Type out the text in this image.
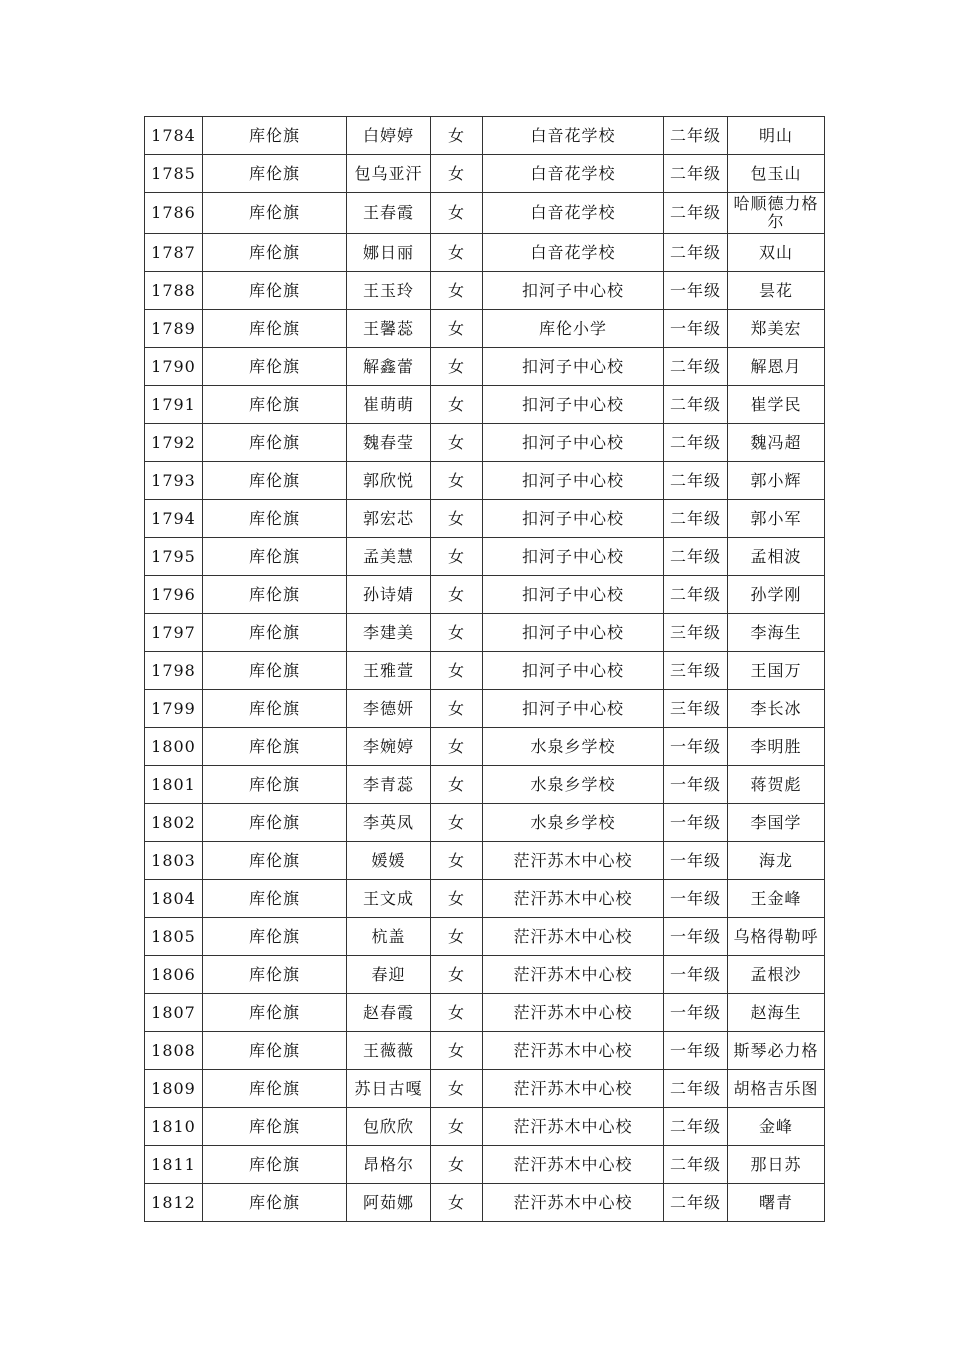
1784	库伦旗	白婷婷	女	白音花学校	二年级	明山
1785	库伦旗	包乌亚汗	女	白音花学校	二年级	包玉山
1786	库伦旗	王春霞	女	白音花学校	二年级	哈顺德力格尔
1787	库伦旗	娜日丽	女	白音花学校	二年级	双山
1788	库伦旗	王玉玲	女	扣河子中心校	一年级	昙花
1789	库伦旗	王馨蕊	女	库伦小学	一年级	郑美宏
1790	库伦旗	解鑫蕾	女	扣河子中心校	二年级	解恩月
1791	库伦旗	崔萌萌	女	扣河子中心校	二年级	崔学民
1792	库伦旗	魏春莹	女	扣河子中心校	二年级	魏冯超
1793	库伦旗	郭欣悦	女	扣河子中心校	二年级	郭小辉
1794	库伦旗	郭宏芯	女	扣河子中心校	二年级	郭小军
1795	库伦旗	孟美慧	女	扣河子中心校	二年级	孟相波
1796	库伦旗	孙诗婧	女	扣河子中心校	二年级	孙学刚
1797	库伦旗	李建美	女	扣河子中心校	三年级	李海生
1798	库伦旗	王雅萱	女	扣河子中心校	三年级	王国万
1799	库伦旗	李德妍	女	扣河子中心校	三年级	李长冰
1800	库伦旗	李婉婷	女	水泉乡学校	一年级	李明胜
1801	库伦旗	李青蕊	女	水泉乡学校	一年级	蒋贺彪
1802	库伦旗	李英凤	女	水泉乡学校	一年级	李国学
1803	库伦旗	媛媛	女	茫汗苏木中心校	一年级	海龙
1804	库伦旗	王文成	女	茫汗苏木中心校	一年级	王金峰
1805	库伦旗	杭盖	女	茫汗苏木中心校	一年级	乌格得勒呼
1806	库伦旗	春迎	女	茫汗苏木中心校	一年级	孟根沙
1807	库伦旗	赵春霞	女	茫汗苏木中心校	一年级	赵海生
1808	库伦旗	王薇薇	女	茫汗苏木中心校	一年级	斯琴必力格
1809	库伦旗	苏日古嘎	女	茫汗苏木中心校	二年级	胡格吉乐图
1810	库伦旗	包欣欣	女	茫汗苏木中心校	二年级	金峰
1811	库伦旗	昂格尔	女	茫汗苏木中心校	二年级	那日苏
1812	库伦旗	阿茹娜	女	茫汗苏木中心校	二年级	曙青
